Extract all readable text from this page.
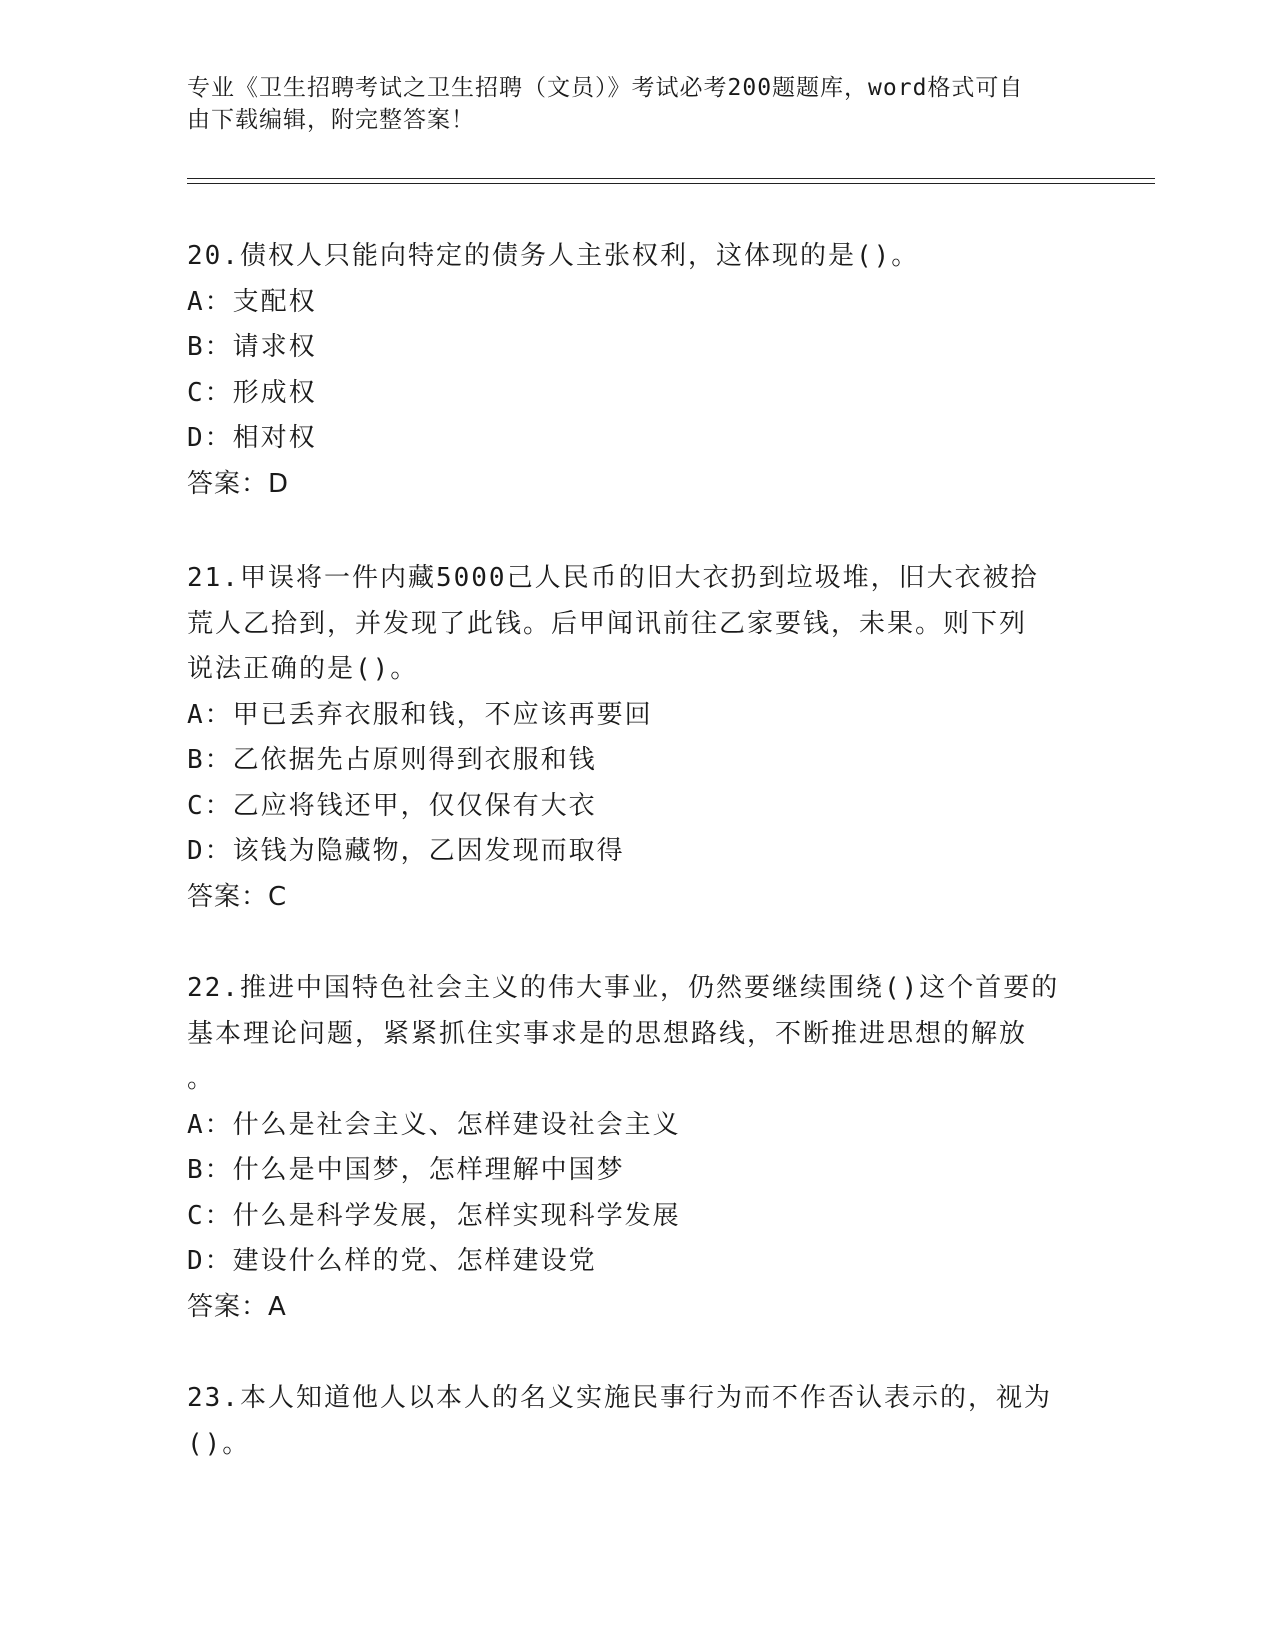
专业《卫生招聘考试之卫生招聘（文员）》考试必考200题题库，word格式可自
由下载编辑，附完整答案！

20.债权人只能向特定的债务人主张权利，这体现的是()。

A：支配权

B：请求权

C：形成权

D：相对权

答案：D

21.甲误将一件内藏5000己人民币的旧大衣扔到垃圾堆，旧大衣被拾

荒人乙拾到，并发现了此钱。后甲闻讯前往乙家要钱，未果。则下列

说法正确的是()。

A：甲已丢弃衣服和钱，不应该再要回

B：乙依据先占原则得到衣服和钱

C：乙应将钱还甲，仅仅保有大衣

D：该钱为隐藏物，乙因发现而取得

答案：C

22.推进中国特色社会主义的伟大事业，仍然要继续围绕()这个首要的

基本理论问题，紧紧抓住实事求是的思想路线，不断推进思想的解放

。

A：什么是社会主义、怎样建设社会主义

B：什么是中国梦，怎样理解中国梦

C：什么是科学发展，怎样实现科学发展

D：建设什么样的党、怎样建设党

答案：A

23.本人知道他人以本人的名义实施民事行为而不作否认表示的，视为

()。
